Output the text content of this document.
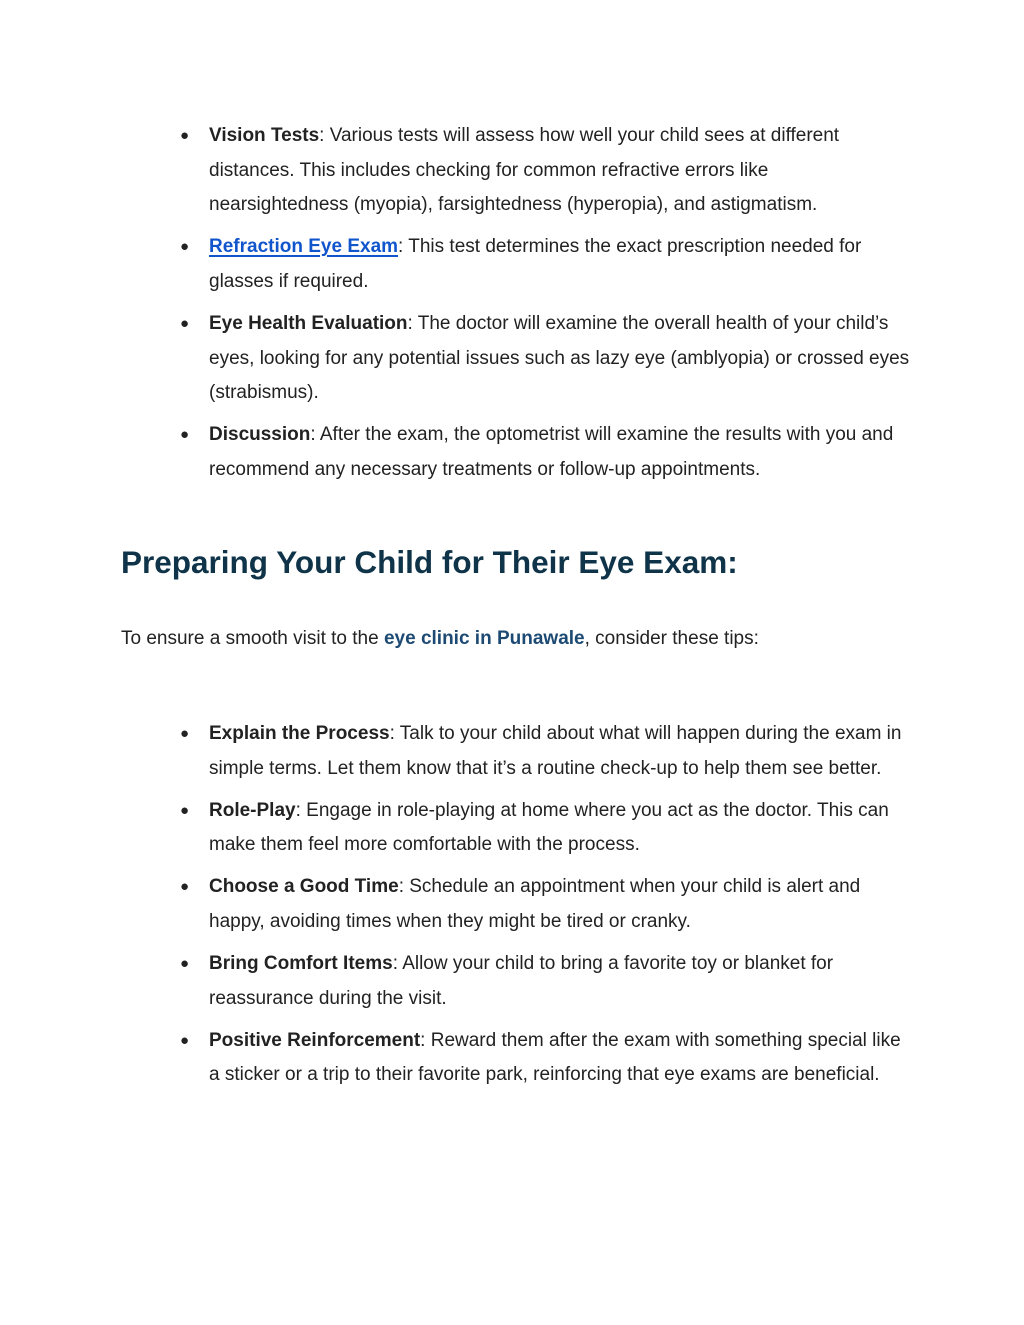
● Vision Tests: Various tests will assess how well your child sees at different distances. This includes checking for common refractive errors like nearsightedness (myopia), farsightedness (hyperopia), and astigmatism.
● Refraction Eye Exam: This test determines the exact prescription needed for glasses if required.
● Eye Health Evaluation: The doctor will examine the overall health of your child’s eyes, looking for any potential issues such as lazy eye (amblyopia) or crossed eyes (strabismus).
● Discussion: After the exam, the optometrist will examine the results with you and recommend any necessary treatments or follow-up appointments.
Preparing Your Child for Their Eye Exam:

To ensure a smooth visit to the eye clinic in Punawale, consider these tips:

● Explain the Process: Talk to your child about what will happen during the exam in simple terms. Let them know that it’s a routine check-up to help them see better.
● Role-Play: Engage in role-playing at home where you act as the doctor. This can make them feel more comfortable with the process.
● Choose a Good Time: Schedule an appointment when your child is alert and happy, avoiding times when they might be tired or cranky.
● Bring Comfort Items: Allow your child to bring a favorite toy or blanket for reassurance during the visit.
● Positive Reinforcement: Reward them after the exam with something special like a sticker or a trip to their favorite park, reinforcing that eye exams are beneficial.
